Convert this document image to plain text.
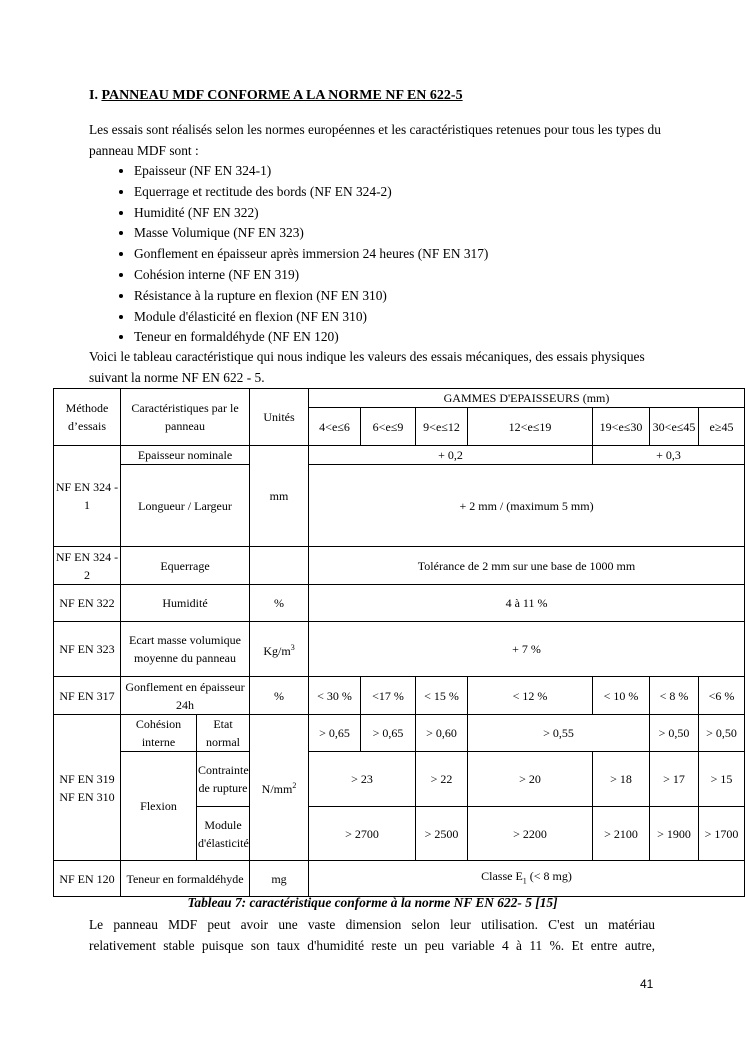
I. PANNEAU MDF CONFORME A LA NORME NF EN 622-5
Les essais sont réalisés selon les normes européennes et les caractéristiques retenues pour tous les types du panneau MDF sont :
• Epaisseur (NF EN 324-1)
• Equerrage et rectitude des bords (NF EN 324-2)
• Humidité (NF EN 322)
• Masse Volumique (NF EN 323)
• Gonflement en épaisseur après immersion 24 heures (NF EN 317)
• Cohésion interne (NF EN 319)
• Résistance à la rupture en flexion (NF EN 310)
• Module d'élasticité en flexion (NF EN 310)
• Teneur en formaldéhyde (NF EN 120)
Voici le tableau caractéristique qui nous indique les valeurs des essais mécaniques, des essais physiques suivant la norme NF EN 622 - 5.
Méthode d’essais	Caractéristiques par le panneau		Unités	GAMMES D'EPAISSEURS (mm)						
				4<e≤6	6<e≤9	9<e≤12	12<e≤19	19<e≤30	30<e≤45	e≥45
NF EN 324 - 1	Epaisseur nominale		mm	+ 0,2				+ 0,3		
	Longueur / Largeur			+ 2 mm / (maximum 5 mm)						
NF EN 324 - 2	Equerrage			Tolérance de 2 mm sur une base de 1000 mm						
NF EN 322	Humidité		%	4 à 11 %						
NF EN 323	Ecart masse volumique moyenne du panneau		$Kg/m^3$	+ 7 %						
NF EN 317	Gonflement en épaisseur 24h		%	< 30 %	<17 %	< 15 %	< 12 %	< 10 %	< 8 %	<6 %
NF EN 319 NF EN 310	Cohésion interne	Etat normal	$N/mm^2$	> 0,65	> 0,65	> 0,60	> 0,55		> 0,50	> 0,50
	Flexion	Contrainte de rupture		> 23		> 22	> 20	> 18	> 17	> 15
		Module d'élasticité		> 2700		> 2500	> 2200	> 2100	> 1900	> 1700
NF EN 120	Teneur en formaldéhyde		mg	Classe $E_1$ (< 8 mg)						
Tableau 7: caractéristique conforme à la norme NF EN 622- 5 [15]
Le panneau MDF peut avoir une vaste dimension selon leur utilisation. C'est un matériau
relativement stable puisque son taux d'humidité reste un peu variable 4 à 11 %. Et entre autre,
41
